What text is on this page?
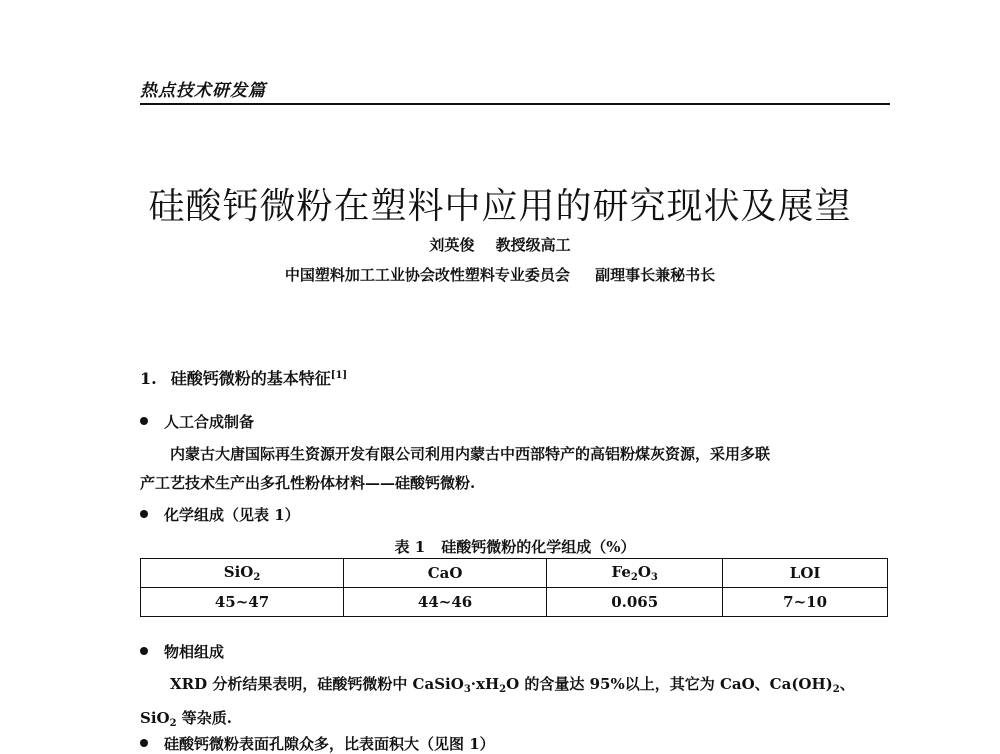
热点技术研发篇
硅酸钙微粉在塑料中应用的研究现状及展望
刘英俊 教授级高工
中国塑料加工工业协会改性塑料专业委员会 副理事长兼秘书长
1. 硅酸钙微粉的基本特征[1]
人工合成制备
内蒙古大唐国际再生资源开发有限公司利用内蒙古中西部特产的高铝粉煤灰资源，采用多联
产工艺技术生产出多孔性粉体材料——硅酸钙微粉.
化学组成（见表 1）
表 1 硅酸钙微粉的化学组成（%）
SiO$_2$	CaO	$Fe_2O_3$	LOI
45~47	44~46	0.065	7~10
物相组成
XRD 分析结果表明，硅酸钙微粉中 $CaSiO_3\cdot xH_2O$ 的含量达 95%以上，其它为 CaO、$Ca(OH)_2$、
SiO$_2$ 等杂质.
硅酸钙微粉表面孔隙众多，比表面积大（见图 1）
